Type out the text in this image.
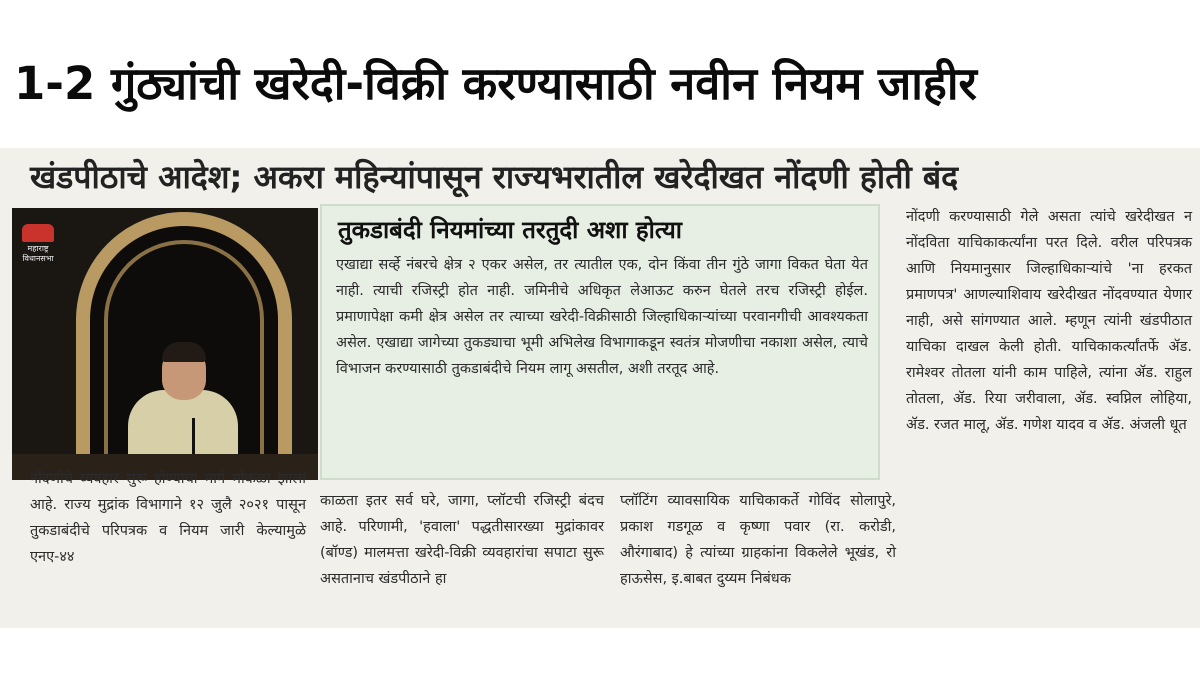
1-2 गुंठ्यांची खरेदी-विक्री करण्यासाठी नवीन नियम जाहीर
खंडपीठाचे आदेश; अकरा महिन्यांपासून राज्यभरातील खरेदीखत नोंदणी होती बंद
महाराष्ट्र विधानसभा
तुकडाबंदी नियमांच्या तरतुदी अशा होत्या
एखाद्या सर्व्हे नंबरचे क्षेत्र २ एकर असेल, तर त्यातील एक, दोन किंवा तीन गुंठे जागा विकत घेता येत नाही. त्याची रजिस्ट्री होत नाही. जमिनीचे अधिकृत लेआऊट करुन घेतले तरच रजिस्ट्री होईल. प्रमाणापेक्षा कमी क्षेत्र असेल तर त्याच्या खरेदी-विक्रीसाठी जिल्हाधिकाऱ्यांच्या परवानगीची आवश्यकता असेल. एखाद्या जागेच्या तुकड्याचा भूमी अभिलेख विभागाकडून स्वतंत्र मोजणीचा नकाशा असेल, त्याचे विभाजन करण्यासाठी तुकडाबंदीचे नियम लागू असतील, अशी तरतूद आहे.
नोंदणी करण्यासाठी गेले असता त्यांचे खरेदीखत न नोंदविता याचिकाकर्त्यांना परत दिले. वरील परिपत्रक आणि नियमानुसार जिल्हाधिकाऱ्यांचे 'ना हरकत प्रमाणपत्र' आणल्याशिवाय खरेदीखत नोंदवण्यात येणार नाही, असे सांगण्यात आले. म्हणून त्यांनी खंडपीठात याचिका दाखल केली होती. याचिकाकर्त्यांतर्फे ॲड. रामेश्वर तोतला यांनी काम पाहिले, त्यांना ॲड. राहुल तोतला, ॲड. रिया जरीवाला, ॲड. स्वप्निल लोहिया, ॲड. रजत मालू, ॲड. गणेश यादव व ॲड. अंजली धूत
नोंदणीचे व्यवहार सुरू होण्याचा मार्ग मोकळा झाला आहे. राज्य मुद्रांक विभागाने १२ जुलै २०२१ पासून तुकडाबंदीचे परिपत्रक व नियम जारी केल्यामुळे एनए-४४
काळता इतर सर्व घरे, जागा, प्लॉटची रजिस्ट्री बंदच आहे. परिणामी, 'हवाला' पद्धतीसारख्या मुद्रांकावर (बॉण्ड) मालमत्ता खरेदी-विक्री व्यवहारांचा सपाटा सुरू असतानाच खंडपीठाने हा
प्लॉटिंग व्यावसायिक याचिकाकर्ते गोविंद सोलापुरे, प्रकाश गडगूळ व कृष्णा पवार (रा. करोडी, औरंगाबाद) हे त्यांच्या ग्राहकांना विकलेले भूखंड, रो हाऊसेस, इ.बाबत दुय्यम निबंधक
